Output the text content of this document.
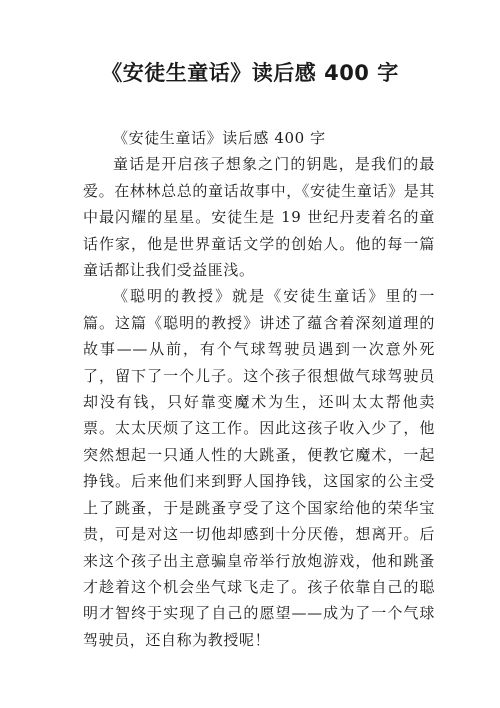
《安徒生童话》读后感 400 字

《安徒生童话》读后感 400 字

童话是开启孩子想象之门的钥匙，是我们的最爱。在林林总总的童话故事中，《安徒生童话》是其中最闪耀的星星。安徒生是 19 世纪丹麦着名的童话作家，他是世界童话文学的创始人。他的每一篇童话都让我们受益匪浅。

《聪明的教授》就是《安徒生童话》里的一篇。这篇《聪明的教授》讲述了蕴含着深刻道理的故事——从前，有个气球驾驶员遇到一次意外死了，留下了一个儿子。这个孩子很想做气球驾驶员却没有钱，只好靠变魔术为生，还叫太太帮他卖票。太太厌烦了这工作。因此这孩子收入少了，他突然想起一只通人性的大跳蚤，便教它魔术，一起挣钱。后来他们来到野人国挣钱，这国家的公主受上了跳蚤，于是跳蚤亨受了这个国家给他的荣华宝贵，可是对这一切他却感到十分厌倦，想离开。后来这个孩子出主意骗皇帝举行放炮游戏，他和跳蚤才趁着这个机会坐气球飞走了。孩子依靠自己的聪明才智终于实现了自己的愿望——成为了一个气球驾驶员，还自称为教授呢！
